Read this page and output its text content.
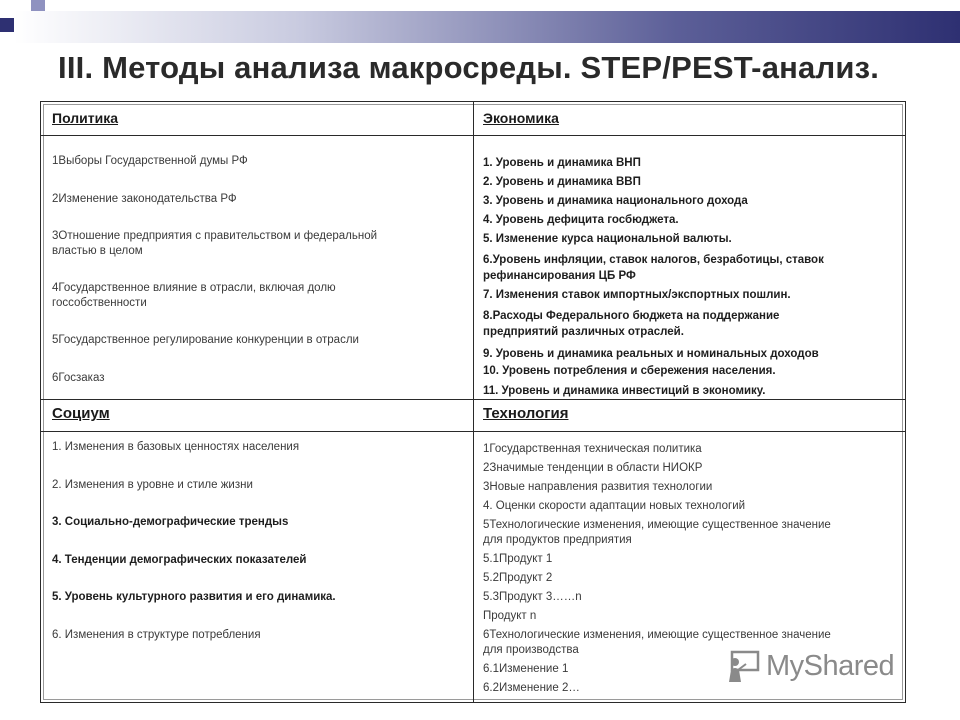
III. Методы анализа макросреды. STEP/PEST-анализ.
Политика	Экономика
Социум	Технология
1Выборы Государственной думы РФ
2Изменение законодательства РФ
3Отношение предприятия с правительством и федеральной
властью в целом
4Государственное влияние в отрасли, включая долю
госсобственности
5Государственное регулирование конкуренции в отрасли
6Госзаказ
1. Уровень и динамика ВНП
2. Уровень и динамика ВВП
3. Уровень и динамика национального дохода
4. Уровень дефицита госбюджета.
5. Изменение курса национальной валюты.
6.Уровень инфляции, ставок налогов, безработицы, ставок
рефинансирования ЦБ РФ
7. Изменения ставок импортных/экспортных пошлин.
8.Расходы Федерального бюджета на поддержание
предприятий различных отраслей.
9. Уровень и динамика реальных и номинальных доходов
10. Уровень потребления и сбережения населения.
11. Уровень и динамика инвестиций в экономику.
1. Изменения в базовых ценностях населения
2. Изменения в уровне и стиле жизни
3. Социально-демографические трендыs
4. Тенденции демографических показателей
5. Уровень культурного развития и его динамика.
6. Изменения в структуре потребления
1Государственная техническая политика
2Значимые тенденции в области НИОКР
3Новые направления развития технологии
4. Оценки скорости адаптации новых технологий
5Технологические изменения, имеющие существенное значение
для продуктов предприятия
5.1Продукт 1
5.2Продукт 2
5.3Продукт 3……n
Продукт n
6Технологические изменения, имеющие существенное значение
для производства
6.1Изменение 1
6.2Изменение 2…
MyShared
